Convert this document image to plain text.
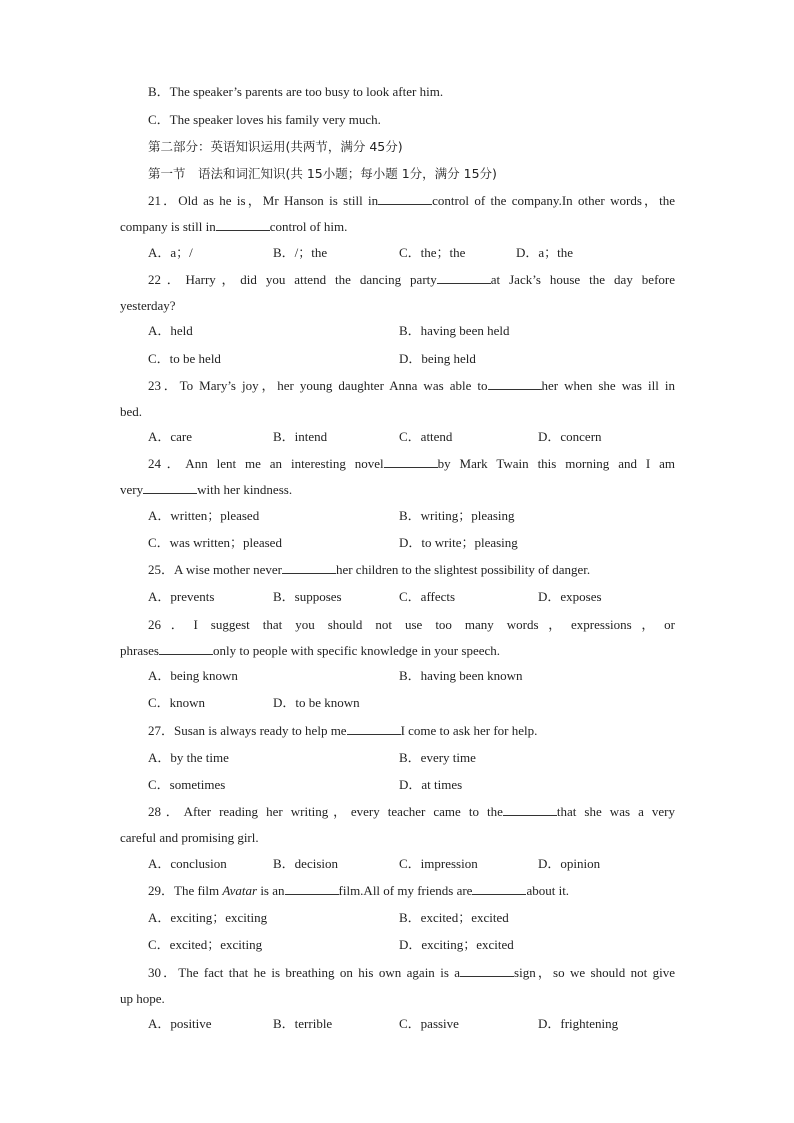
B．The speaker’s parents are too busy to look after him.
C．The speaker loves his family very much.
第二部分：英语知识运用(共两节，满分 45分)
第一节　语法和词汇知识(共 15小题；每小题 1分，满分 15分)
21．Old as he is，Mr Hanson is still in	control of the company.In other words，the
company is still in	control of him.
A．a；/	B．/；the	C．the；the	D．a；the
22．Harry，did you attend the dancing party	at Jack’s house the day before
yesterday?
A．held	B．having been held
C．to be held	D．being held
23．To Mary’s joy，her young daughter Anna was able to	her when she was ill in
bed.
A．care	B．intend	C．attend	D．concern
24．Ann lent me an interesting novel	by Mark Twain this morning and I am
very	with her kindness.
A．written；pleased	B．writing；pleasing
C．was written；pleased	D．to write；pleasing
25．A wise mother never	her children to the slightest possibility of danger.
A．prevents	B．supposes	C．affects	D．exposes
26．I suggest that you should not use too many words，expressions，or
phrases	only to people with specific knowledge in your speech.
A．being known	B．having been known
C．known	D．to be known
27．Susan is always ready to help me	I come to ask her for help.
A．by the time	B．every time
C．sometimes	D．at times
28．After reading her writing，every teacher came to the	that she was a very
careful and promising girl.
A．conclusion	B．decision	C．impression	D．opinion
29．The film Avatar is an	film.All of my friends are	about it.
A．exciting；exciting	B．excited；excited
C．excited；exciting	D．exciting；excited
30．The fact that he is breathing on his own again is a	sign，so we should not give
up hope.
A．positive	B．terrible	C．passive	D．frightening
